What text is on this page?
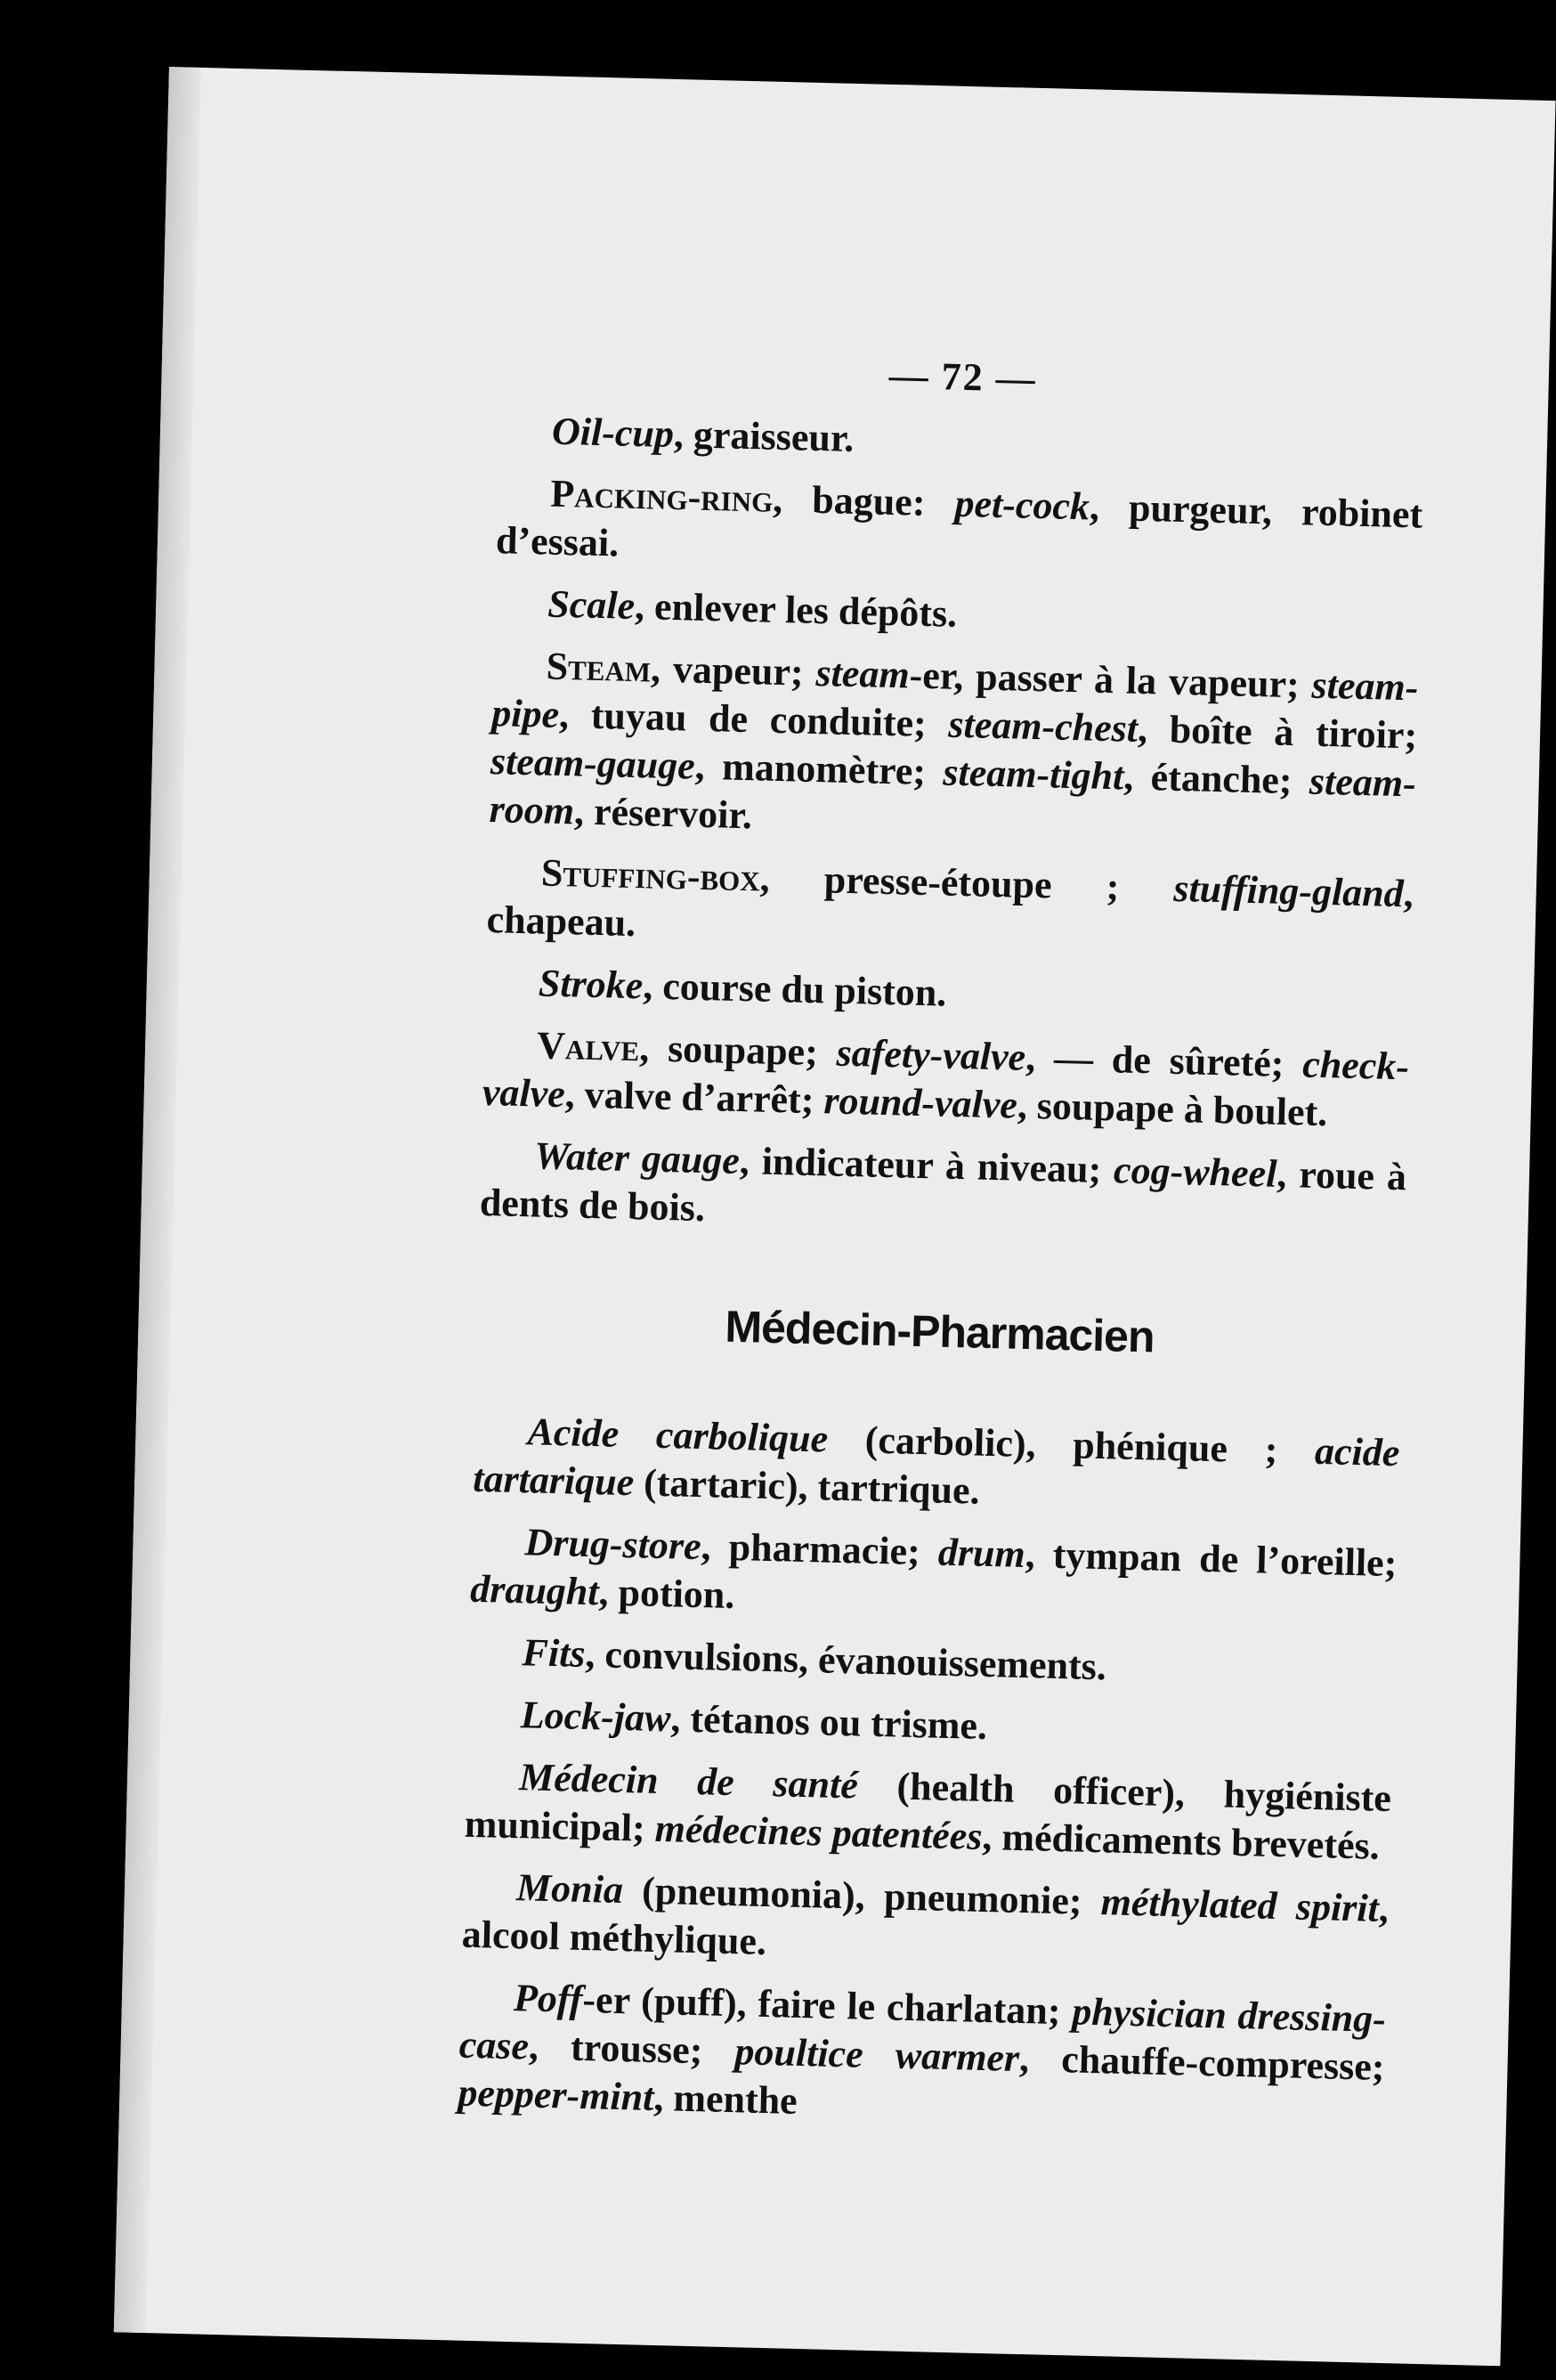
— 72 —

Oil-cup, graisseur.

Packing-ring, bague: pet-cock, purgeur, robinet d’essai.

Scale, enlever les dépôts.

Steam, vapeur; steam-er, passer à la vapeur; steam-pipe, tuyau de conduite; steam-chest, boîte à tiroir; steam-gauge, manomètre; steam-tight, étanche; steam-room, réservoir.

Stuffing-box, presse-étoupe ; stuffing-gland, chapeau.

Stroke, course du piston.

Valve, soupape; safety-valve, — de sûreté; check-valve, valve d’arrêt; round-valve, soupape à boulet.

Water gauge, indicateur à niveau; cog-wheel, roue à dents de bois.

Médecin-Pharmacien

Acide carbolique (carbolic), phénique ; acide tartarique (tartaric), tartrique.

Drug-store, pharmacie; drum, tympan de l’oreille; draught, potion.

Fits, convulsions, évanouissements.

Lock-jaw, tétanos ou trisme.

Médecin de santé (health officer), hygiéniste municipal; médecines patentées, médicaments brevetés.

Monia (pneumonia), pneumonie; méthylated spirit, alcool méthylique.

Poff-er (puff), faire le charlatan; physician dressing-case, trousse; poultice warmer, chauffe-compresse; pepper-mint, menthe
